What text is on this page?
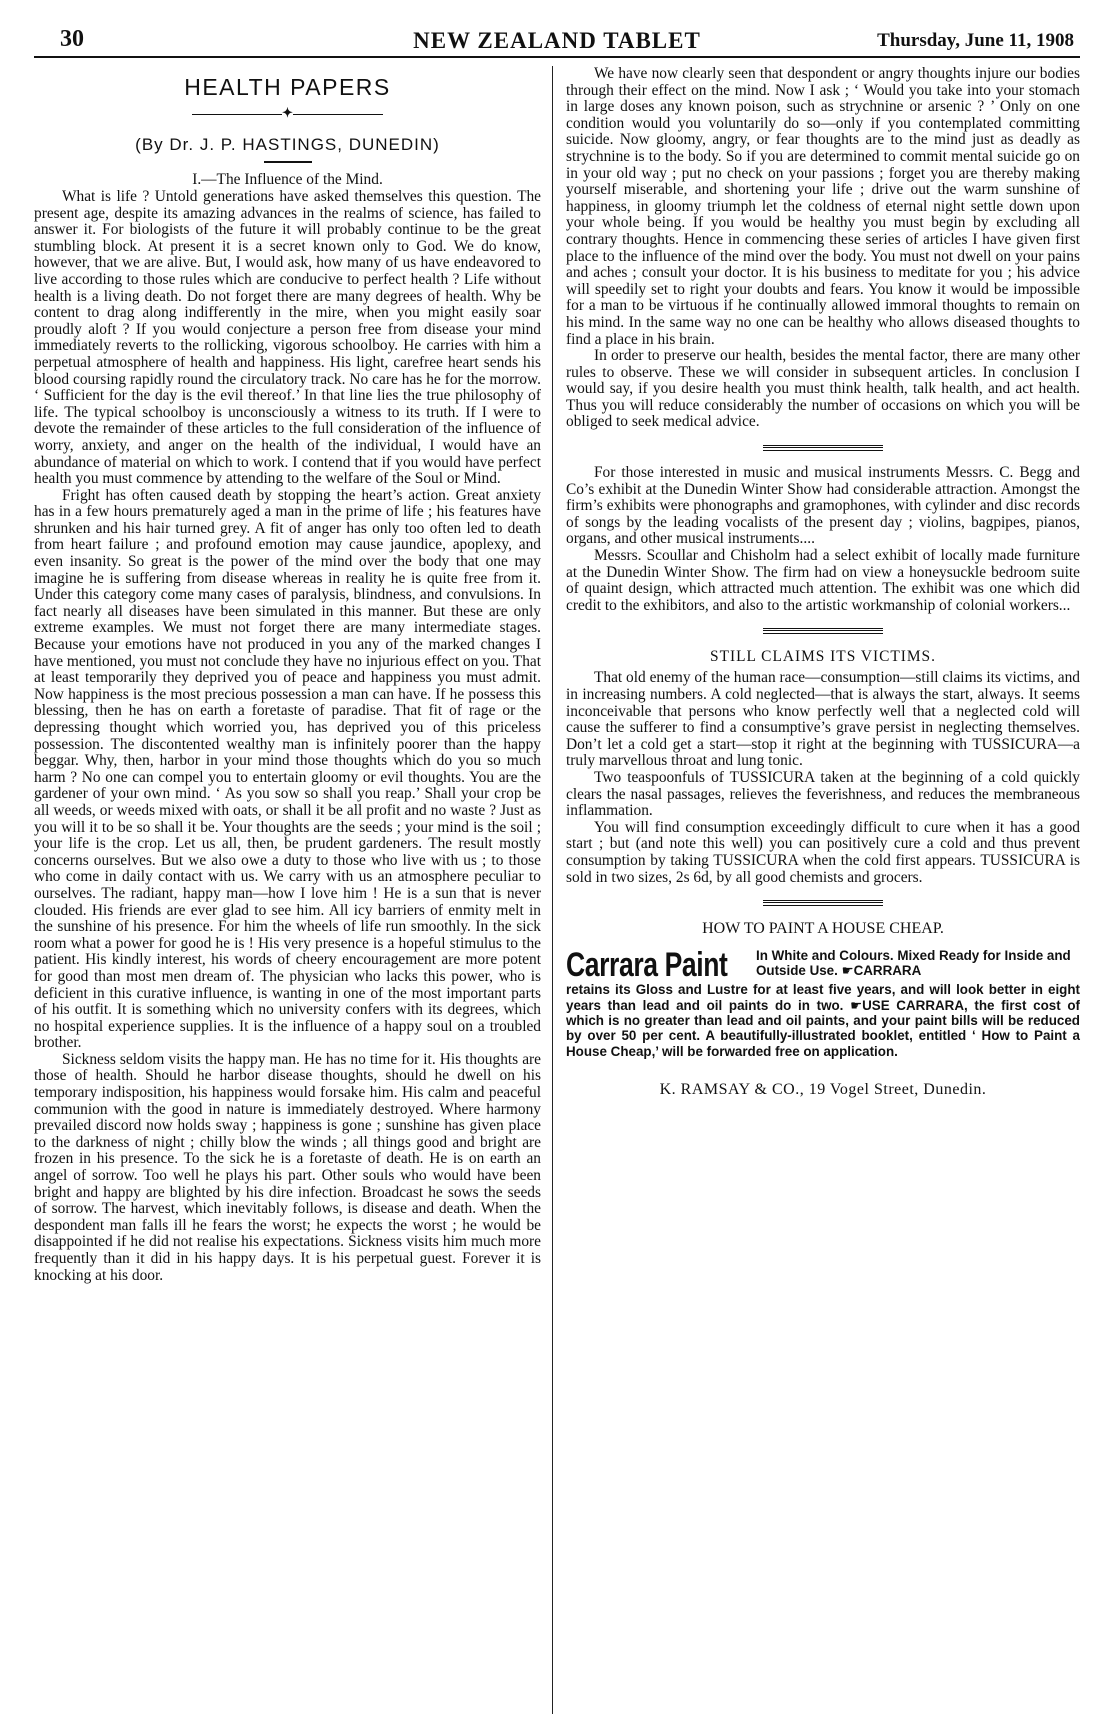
30	NEW ZEALAND TABLET	Thursday, June 11, 1908
HEALTH PAPERS
✦
(By Dr. J. P. HASTINGS, DUNEDIN)
I.—The Influence of the Mind.

What is life ? Untold generations have asked themselves this question. The present age, despite its amazing advances in the realms of science, has failed to answer it. For biologists of the future it will probably continue to be the great stumbling block. At present it is a secret known only to God. We do know, however, that we are alive. But, I would ask, how many of us have endeavored to live according to those rules which are conducive to perfect health ? Life without health is a living death. Do not forget there are many degrees of health. Why be content to drag along indifferently in the mire, when you might easily soar proudly aloft ? If you would conjecture a person free from disease your mind immediately reverts to the rollicking, vigorous schoolboy. He carries with him a perpetual atmosphere of health and happiness. His light, carefree heart sends his blood coursing rapidly round the circulatory track. No care has he for the morrow. ‘ Sufficient for the day is the evil thereof.’ In that line lies the true philosophy of life. The typical schoolboy is unconsciously a witness to its truth. If I were to devote the remainder of these articles to the full consideration of the influence of worry, anxiety, and anger on the health of the individual, I would have an abundance of material on which to work. I contend that if you would have perfect health you must commence by attending to the welfare of the Soul or Mind.

Fright has often caused death by stopping the heart’s action. Great anxiety has in a few hours prematurely aged a man in the prime of life ; his features have shrunken and his hair turned grey. A fit of anger has only too often led to death from heart failure ; and profound emotion may cause jaundice, apoplexy, and even insanity. So great is the power of the mind over the body that one may imagine he is suffering from disease whereas in reality he is quite free from it. Under this category come many cases of paralysis, blindness, and convulsions. In fact nearly all diseases have been simulated in this manner. But these are only extreme examples. We must not forget there are many intermediate stages. Because your emotions have not produced in you any of the marked changes I have mentioned, you must not conclude they have no injurious effect on you. That at least temporarily they deprived you of peace and happiness you must admit. Now happiness is the most precious possession a man can have. If he possess this blessing, then he has on earth a foretaste of paradise. That fit of rage or the depressing thought which worried you, has deprived you of this priceless possession. The discontented wealthy man is infinitely poorer than the happy beggar. Why, then, harbor in your mind those thoughts which do you so much harm ? No one can compel you to entertain gloomy or evil thoughts. You are the gardener of your own mind. ‘ As you sow so shall you reap.’ Shall your crop be all weeds, or weeds mixed with oats, or shall it be all profit and no waste ? Just as you will it to be so shall it be. Your thoughts are the seeds ; your mind is the soil ; your life is the crop. Let us all, then, be prudent gardeners. The result mostly concerns ourselves. But we also owe a duty to those who live with us ; to those who come in daily contact with us. We carry with us an atmosphere peculiar to ourselves. The radiant, happy man—how I love him ! He is a sun that is never clouded. His friends are ever glad to see him. All icy barriers of enmity melt in the sunshine of his presence. For him the wheels of life run smoothly. In the sick room what a power for good he is ! His very presence is a hopeful stimulus to the patient. His kindly interest, his words of cheery encouragement are more potent for good than most men dream of. The physician who lacks this power, who is deficient in this curative influence, is wanting in one of the most important parts of his outfit. It is something which no university confers with its degrees, which no hospital experience supplies. It is the influence of a happy soul on a troubled brother.

Sickness seldom visits the happy man. He has no time for it. His thoughts are those of health. Should he harbor disease thoughts, should he dwell on his temporary indisposition, his happiness would forsake him. His calm and peaceful communion with the good in nature is immediately destroyed. Where harmony prevailed discord now holds sway ; happiness is gone ; sunshine has given place to the darkness of night ; chilly blow the winds ; all things good and bright are frozen in his presence. To the sick he is a foretaste of death. He is on earth an angel of sorrow. Too well he plays his part. Other souls who would have been bright and happy are blighted by his dire infection. Broadcast he sows the seeds of sorrow. The harvest, which inevitably follows, is disease and death. When the despondent man falls ill he fears the worst; he expects the worst ; he would be disappointed if he did not realise his expectations. Sickness visits him much more frequently than it did in his happy days. It is his perpetual guest. Forever it is knocking at his door.

We have now clearly seen that despondent or angry thoughts injure our bodies through their effect on the mind. Now I ask ; ‘ Would you take into your stomach in large doses any known poison, such as strychnine or arsenic ? ’ Only on one condition would you voluntarily do so—only if you contemplated committing suicide. Now gloomy, angry, or fear thoughts are to the mind just as deadly as strychnine is to the body. So if you are determined to commit mental suicide go on in your old way ; put no check on your passions ; forget you are thereby making yourself miserable, and shortening your life ; drive out the warm sunshine of happiness, in gloomy triumph let the coldness of eternal night settle down upon your whole being. If you would be healthy you must begin by excluding all contrary thoughts. Hence in commencing these series of articles I have given first place to the influence of the mind over the body. You must not dwell on your pains and aches ; consult your doctor. It is his business to meditate for you ; his advice will speedily set to right your doubts and fears. You know it would be impossible for a man to be virtuous if he continually allowed immoral thoughts to remain on his mind. In the same way no one can be healthy who allows diseased thoughts to find a place in his brain.

In order to preserve our health, besides the mental factor, there are many other rules to observe. These we will consider in subsequent articles. In conclusion I would say, if you desire health you must think health, talk health, and act health. Thus you will reduce considerably the number of occasions on which you will be obliged to seek medical advice.

For those interested in music and musical instruments Messrs. C. Begg and Co’s exhibit at the Dunedin Winter Show had considerable attraction. Amongst the firm’s exhibits were phonographs and gramophones, with cylinder and disc records of songs by the leading vocalists of the present day ; violins, bagpipes, pianos, organs, and other musical instruments....

Messrs. Scoullar and Chisholm had a select exhibit of locally made furniture at the Dunedin Winter Show. The firm had on view a honeysuckle bedroom suite of quaint design, which attracted much attention. The exhibit was one which did credit to the exhibitors, and also to the artistic workmanship of colonial workers...

STILL CLAIMS ITS VICTIMS.

That old enemy of the human race—consumption—still claims its victims, and in increasing numbers. A cold neglected—that is always the start, always. It seems inconceivable that persons who know perfectly well that a neglected cold will cause the sufferer to find a consumptive’s grave persist in neglecting themselves. Don’t let a cold get a start—stop it right at the beginning with TUSSICURA—a truly marvellous throat and lung tonic.

Two teaspoonfuls of TUSSICURA taken at the beginning of a cold quickly clears the nasal passages, relieves the feverishness, and reduces the membraneous inflammation.

You will find consumption exceedingly difficult to cure when it has a good start ; but (and note this well) you can positively cure a cold and thus prevent consumption by taking TUSSICURA when the cold first appears. TUSSICURA is sold in two sizes, 2s 6d, by all good chemists and grocers.

HOW TO PAINT A HOUSE CHEAP.
Carrara Paint	In White and Colours. Mixed Ready for Inside and Outside Use. ☛CARRARA

retains its Gloss and Lustre for at least five years, and will look better in eight years than lead and oil paints do in two. ☛USE CARRARA, the first cost of which is no greater than lead and oil paints, and your paint bills will be reduced by over 50 per cent. A beautifully-illustrated booklet, entitled ‘ How to Paint a House Cheap,’ will be forwarded free on application.

K. RAMSAY & CO., 19 Vogel Street, Dunedin.
